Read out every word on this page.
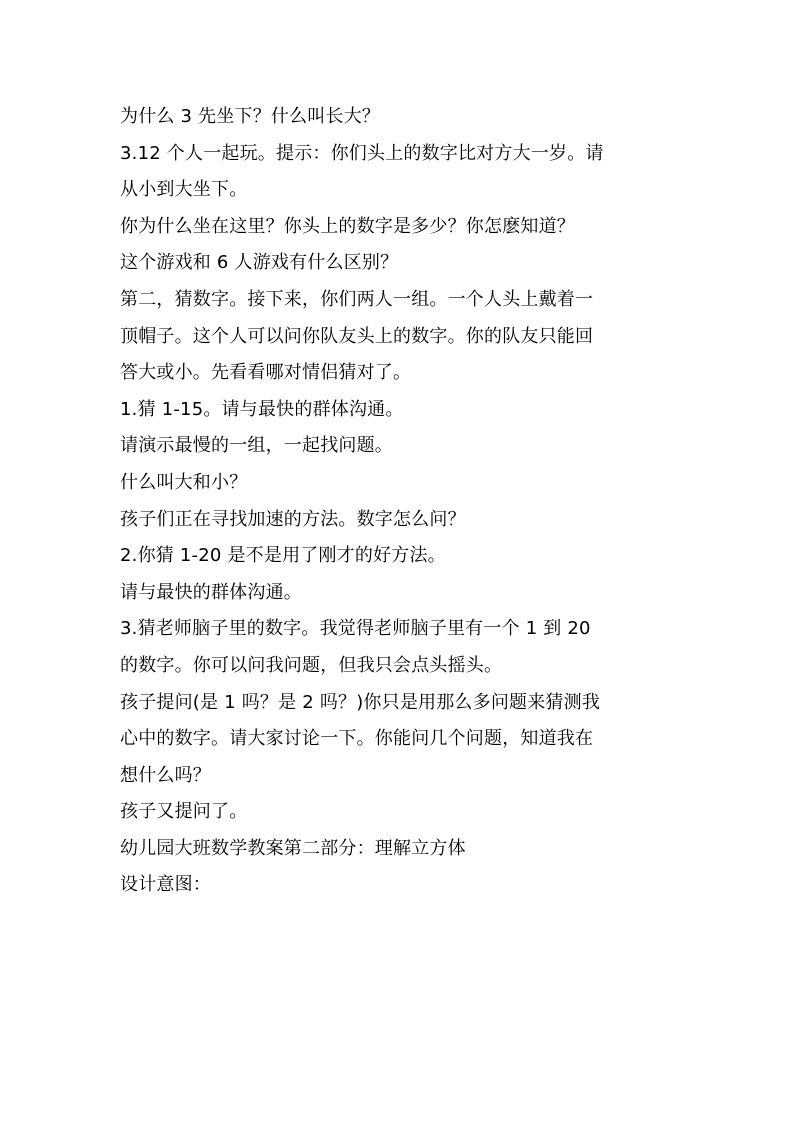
为什么 3 先坐下？什么叫长大？
3.12 个人一起玩。提示：你们头上的数字比对方大一岁。请
从小到大坐下。
你为什么坐在这里？你头上的数字是多少？你怎麽知道？
这个游戏和 6 人游戏有什么区别？
第二，猜数字。接下来，你们两人一组。一个人头上戴着一
顶帽子。这个人可以问你队友头上的数字。你的队友只能回
答大或小。先看看哪对情侣猜对了。
1.猜 1-15。请与最快的群体沟通。
请演示最慢的一组，一起找问题。
什么叫大和小？
孩子们正在寻找加速的方法。数字怎么问？
2.你猜 1-20 是不是用了刚才的好方法。
请与最快的群体沟通。
3.猜老师脑子里的数字。我觉得老师脑子里有一个 1 到 20
的数字。你可以问我问题，但我只会点头摇头。
孩子提问(是 1 吗？是 2 吗？)你只是用那么多问题来猜测我
心中的数字。请大家讨论一下。你能问几个问题，知道我在
想什么吗？
孩子又提问了。
幼儿园大班数学教案第二部分：理解立方体
设计意图：
